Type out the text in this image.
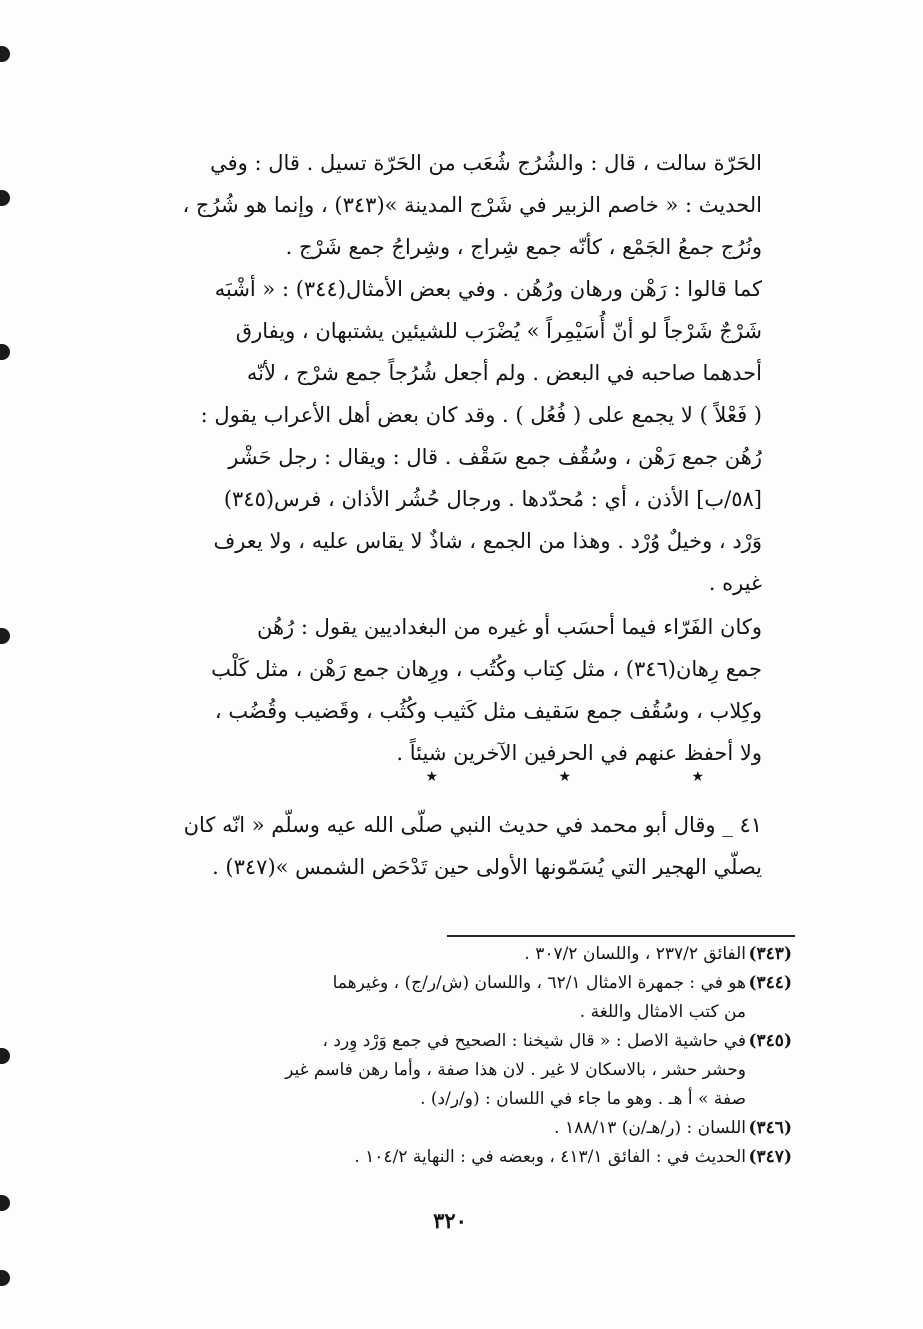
الحَرّة سالت ، قال : والشُرُج شُعَب من الحَرّة تسيل . قال : وفي
الحديث : « خاصم الزبير في شَرْج المدينة »(٣٤٣) ، وإنما هو شُرُج ،
ونُرُج جمعُ الجَمْع ، كأنّه جمع شِراج ، وشِراجُ جمع شَرْج .
كما قالوا : رَهْن ورهان ورُهُن . وفي بعض الأمثال(٣٤٤) : « أشْبَه
شَرْجٌ شَرْجاً لو أنّ أُسَيْمِراً » يُضْرَب للشيئين يشتبهان ، ويفارق
أحدهما صاحبه في البعض . ولم أجعل شُرُجاً جمع شرْج ، لأنّه
( فَعْلاً ) لا يجمع على ( فُعُل ) . وقد كان بعض أهل الأعراب يقول :
رُهُن جمع رَهْن ، وسُقُف جمع سَقْف . قال : ويقال : رجل حَشْر
[٥٨/ب] الأذن ، أي : مُحدّدها . ورجال حُشُر الأذان ، فرس(٣٤٥)
وَرْد ، وخيلٌ وُرْد . وهذا من الجمع ، شاذٌ لا يقاس عليه ، ولا يعرف
غيره .

وكان الفَرّاء فيما أحسَب أو غيره من البغداديين يقول : رُهُن
جمع رِهان(٣٤٦) ، مثل كِتاب وكُتُب ، ورِهان جمع رَهْن ، مثل كَلْب
وكِلاب ، وسُقُف جمع سَقيف مثل كَثيب وكُثُب ، وقَضيب وقُضُب ،
ولا أحفظ عنهم في الحرفين الآخرين شيئاً .

★ ★ ★

٤١ _ وقال أبو محمد في حديث النبي صلّى الله عيه وسلّم « انّه كان
يصلّي الهجير التي يُسَمّونها الأولى حين تَدْحَض الشمس »(٣٤٧) .

(٣٤٣)
الفائق ٢٣٧/٢ ، واللسان ٣٠٧/٢ .
(٣٤٤)
هو في : جمهرة الامثال ٦٢/١ ، واللسان (ش/ر/ج) ، وغيرهما
من كتب الامثال واللغة .
(٣٤٥)
في حاشية الاصل : « قال شيخنا : الصحيح في جمع وَرْد وِرد ،
وحشر حشر ، بالاسكان لا غير . لان هذا صفة ، وأما رهن فاسم غير
صفة » أ هـ . وهو ما جاء في اللسان : (و/ر/د) .
(٣٤٦)
اللسان : (ر/هـ/ن) ١٨٨/١٣ .
(٣٤٧)
الحديث في : الفائق ٤١٣/١ ، وبعضه في : النهاية ١٠٤/٢ .
٣٢٠
